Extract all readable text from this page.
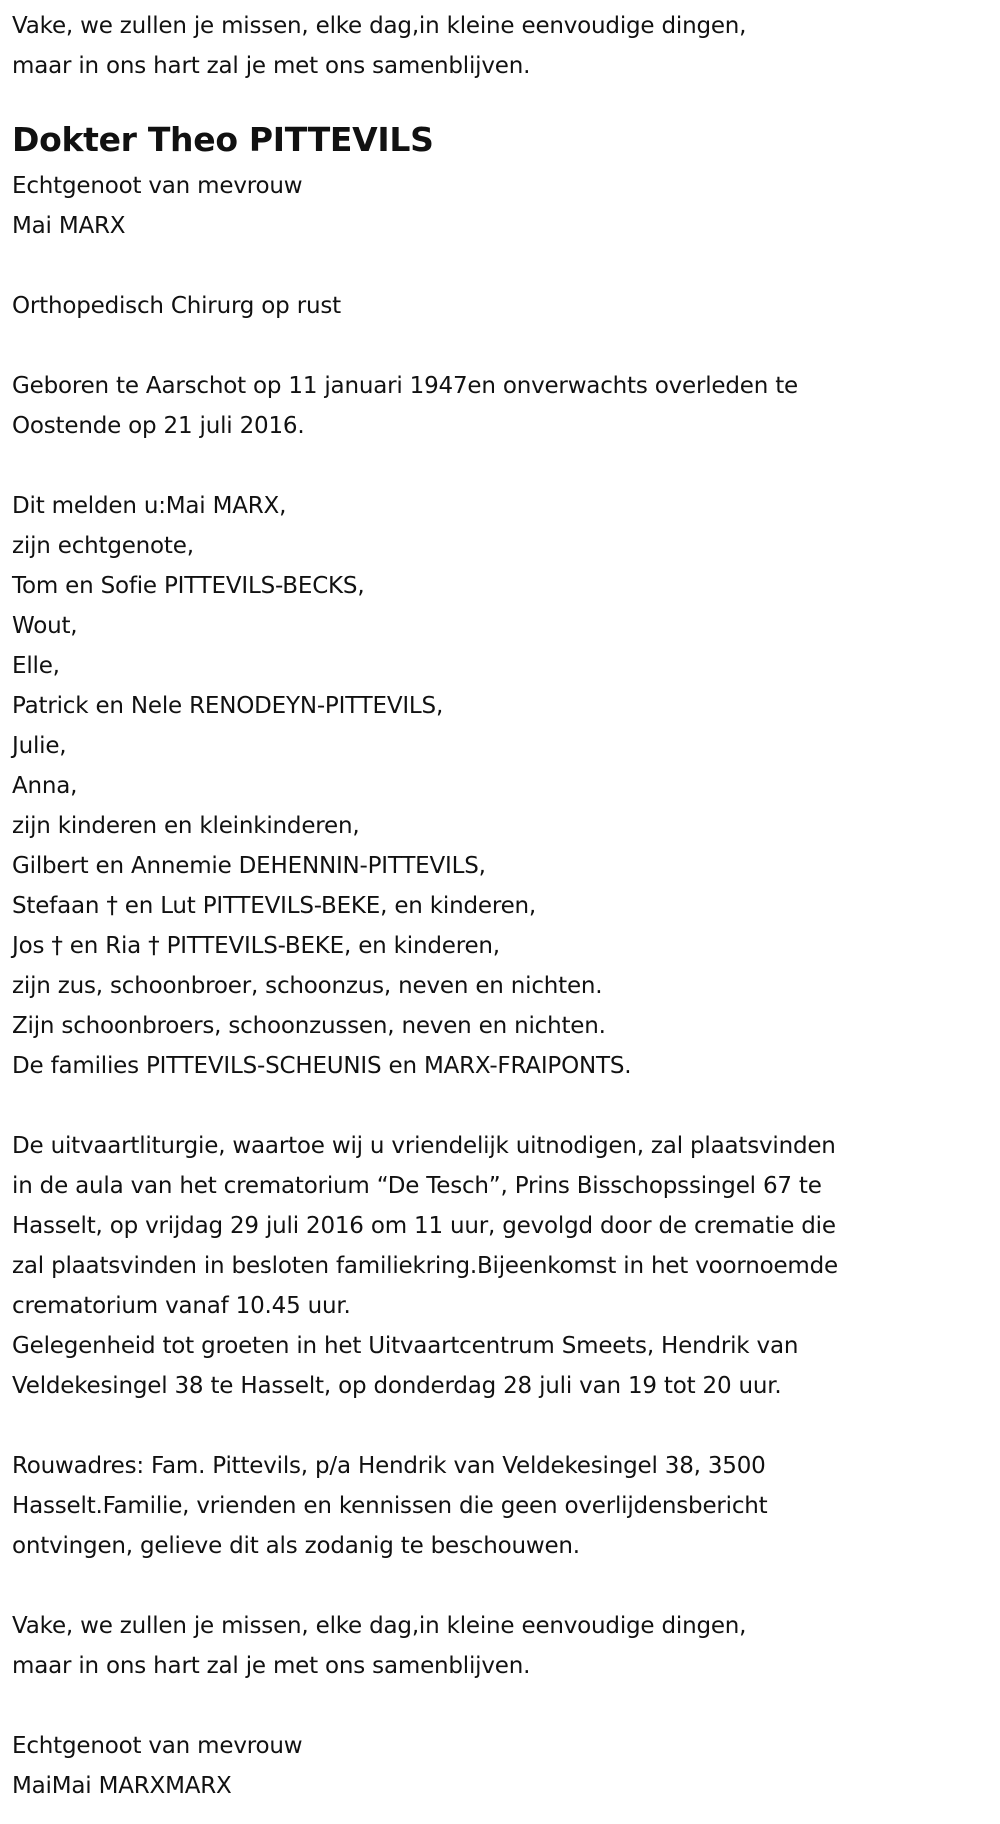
Vake, we zullen je missen, elke dag,in kleine eenvoudige dingen,
maar in ons hart zal je met ons samenblijven.
Dokter Theo PITTEVILS
Echtgenoot van mevrouw
Mai MARX
Orthopedisch Chirurg op rust
Geboren te Aarschot op 11 januari 1947en onverwachts overleden te
Oostende op 21 juli 2016.
Dit melden u:Mai MARX,
zijn echtgenote,
Tom en Sofie PITTEVILS-BECKS,
Wout,
Elle,
Patrick en Nele RENODEYN-PITTEVILS,
Julie,
Anna,
zijn kinderen en kleinkinderen,
Gilbert en Annemie DEHENNIN-PITTEVILS,
Stefaan † en Lut PITTEVILS-BEKE, en kinderen,
Jos † en Ria † PITTEVILS-BEKE, en kinderen,
zijn zus, schoonbroer, schoonzus, neven en nichten.
Zijn schoonbroers, schoonzussen, neven en nichten.
De families PITTEVILS-SCHEUNIS en MARX-FRAIPONTS.
De uitvaartliturgie, waartoe wij u vriendelijk uitnodigen, zal plaatsvinden
in de aula van het crematorium “De Tesch”, Prins Bisschopssingel 67 te
Hasselt, op vrijdag 29 juli 2016 om 11 uur, gevolgd door de crematie die
zal plaatsvinden in besloten familiekring.Bijeenkomst in het voornoemde
crematorium vanaf 10.45 uur.
Gelegenheid tot groeten in het Uitvaartcentrum Smeets, Hendrik van
Veldekesingel 38 te Hasselt, op donderdag 28 juli van 19 tot 20 uur.
Rouwadres: Fam. Pittevils, p/a Hendrik van Veldekesingel 38, 3500
Hasselt.Familie, vrienden en kennissen die geen overlijdensbericht
ontvingen, gelieve dit als zodanig te beschouwen.
Vake, we zullen je missen, elke dag,in kleine eenvoudige dingen,
maar in ons hart zal je met ons samenblijven.
Echtgenoot van mevrouw
MaiMai MARXMARX
